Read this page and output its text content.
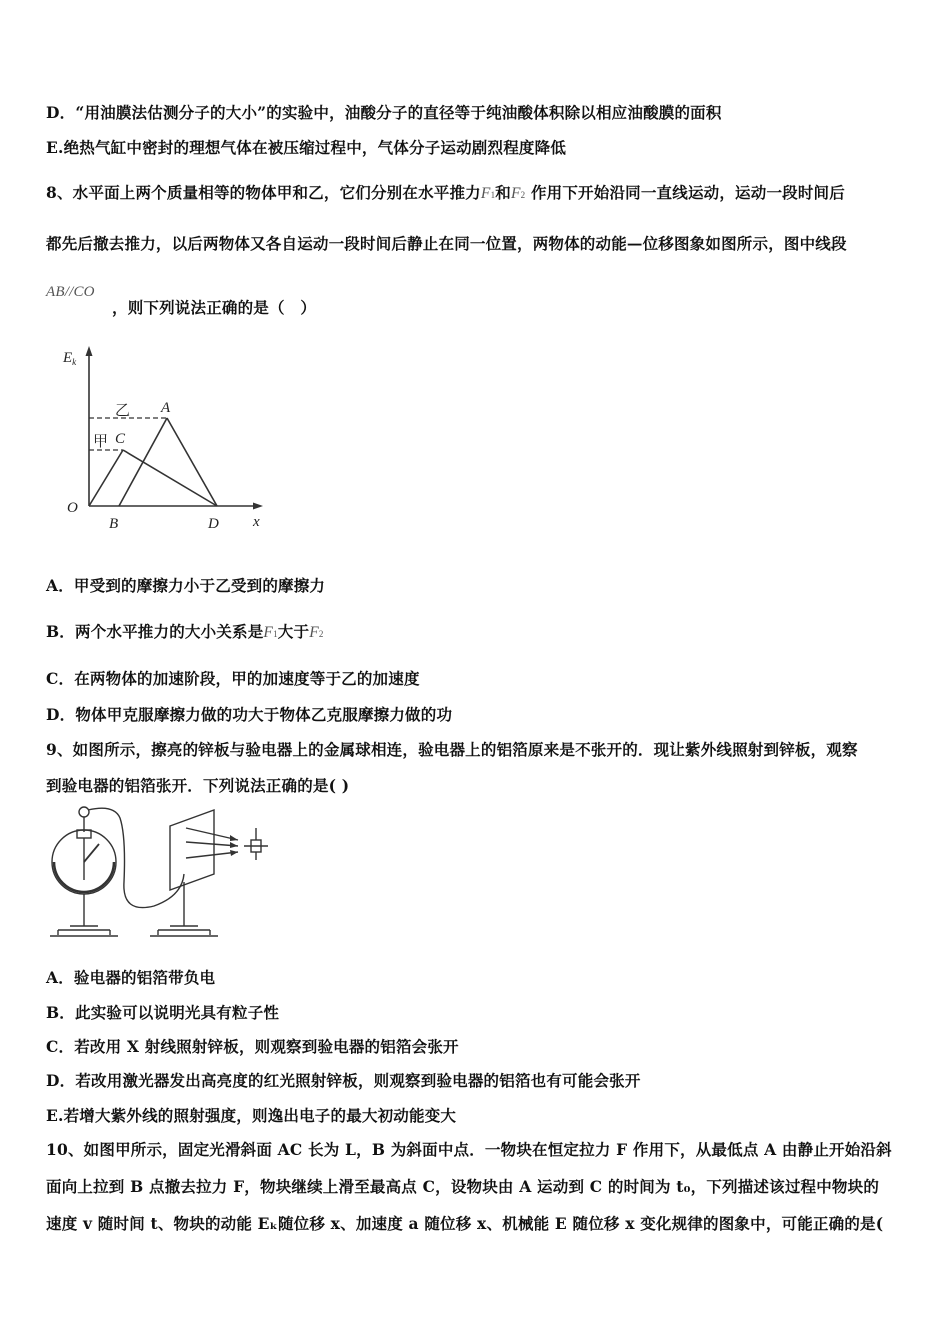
D．“用油膜法估测分子的大小”的实验中，油酸分子的直径等于纯油酸体积除以相应油酸膜的面积
E.绝热气缸中密封的理想气体在被压缩过程中，气体分子运动剧烈程度降低
8、水平面上两个质量相等的物体甲和乙，它们分别在水平推力F1和F2 作用下开始沿同一直线运动，运动一段时间后
都先后撤去推力，以后两物体又各自运动一段时间后静止在同一位置，两物体的动能—位移图象如图所示，图中线段
AB//CO
，则下列说法正确的是（　）
$E_k$
乙 A
甲 C
O
B	D x
A．甲受到的摩擦力小于乙受到的摩擦力
B．两个水平推力的大小关系是F1大于F2
C．在两物体的加速阶段，甲的加速度等于乙的加速度
D．物体甲克服摩擦力做的功大于物体乙克服摩擦力做的功
9、如图所示，擦亮的锌板与验电器上的金属球相连，验电器上的铝箔原来是不张开的．现让紫外线照射到锌板，观察
到验电器的铝箔张开．下列说法正确的是( )
A．验电器的铝箔带负电
B．此实验可以说明光具有粒子性
C．若改用 X 射线照射锌板，则观察到验电器的铝箔会张开
D．若改用激光器发出高亮度的红光照射锌板，则观察到验电器的铝箔也有可能会张开
E.若增大紫外线的照射强度，则逸出电子的最大初动能变大
10、如图甲所示，固定光滑斜面 AC 长为 L，B 为斜面中点．一物块在恒定拉力 F 作用下，从最低点 A 由静止开始沿斜
面向上拉到 B 点撤去拉力 F，物块继续上滑至最高点 C，设物块由 A 运动到 C 的时间为 t₀，下列描述该过程中物块的
速度 v 随时间 t、物块的动能 Eₖ随位移 x、加速度 a 随位移 x、机械能 E 随位移 x 变化规律的图象中，可能正确的是(
